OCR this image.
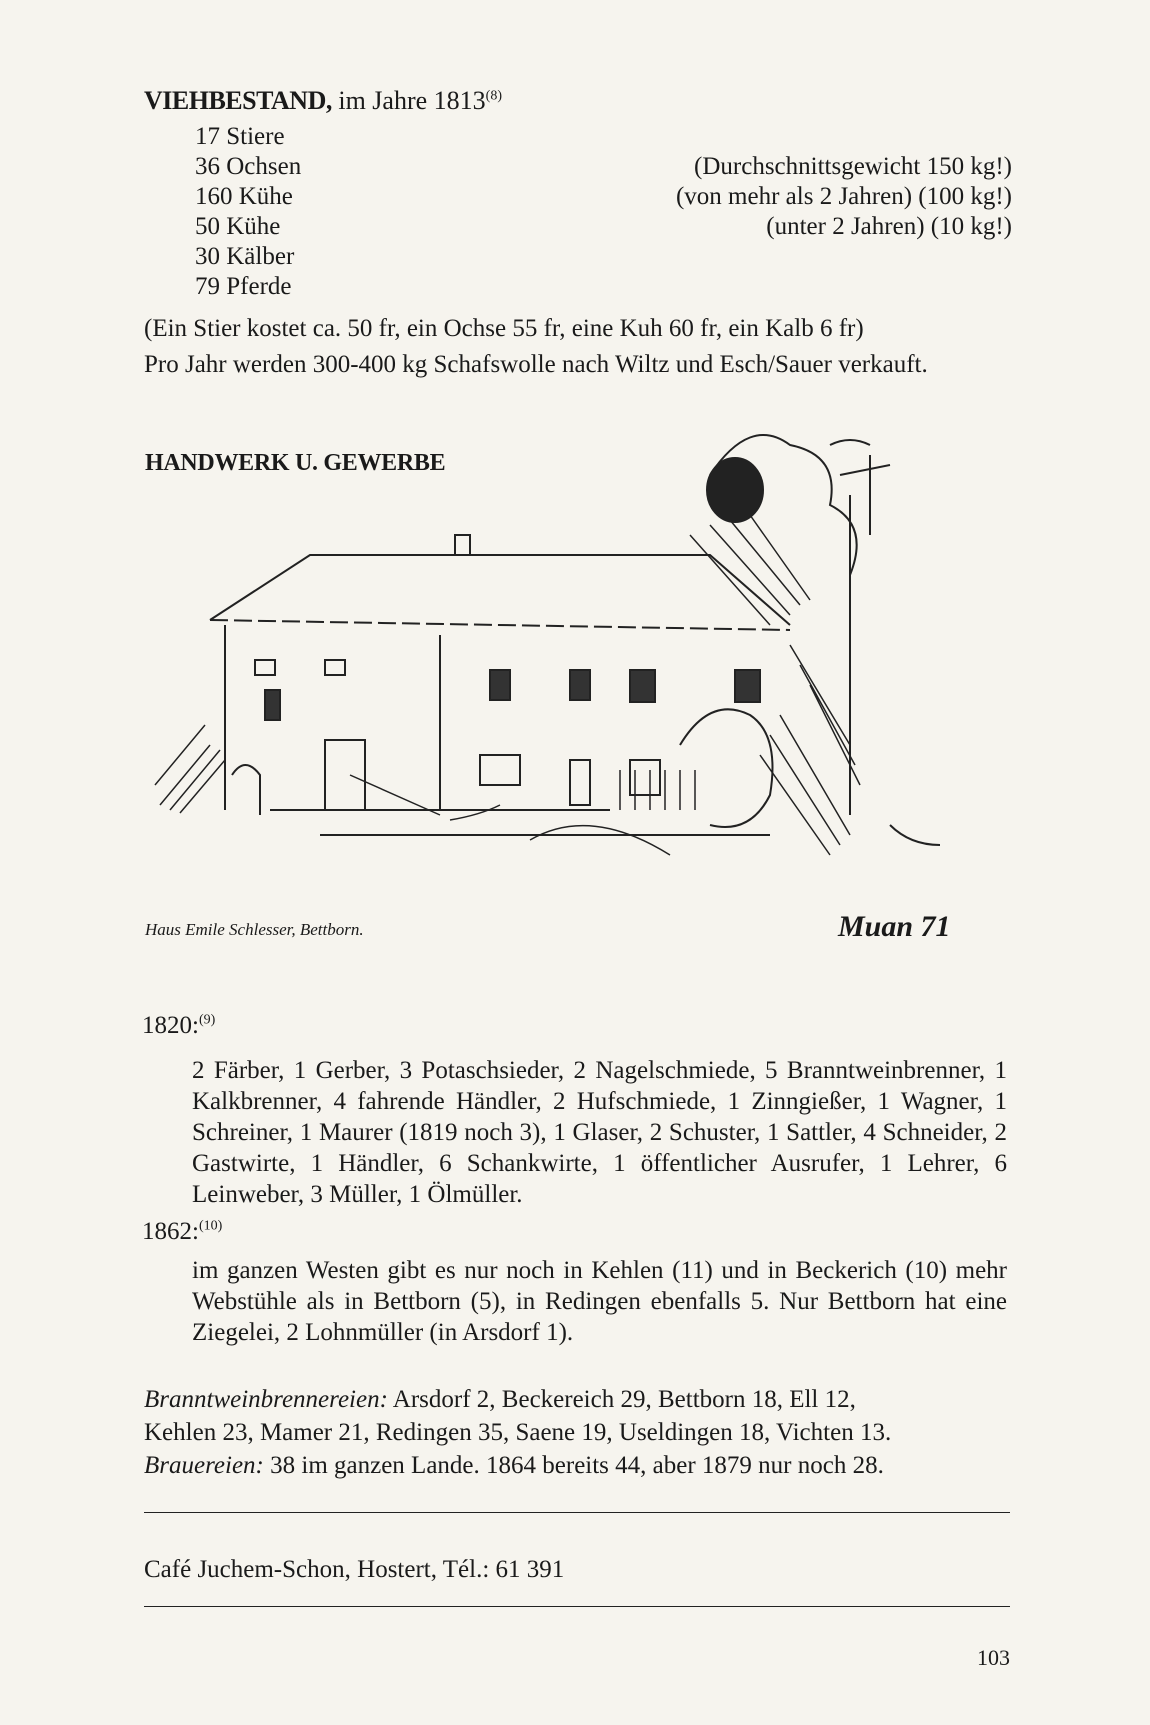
VIEHBESTAND, im Jahre 1813$^{(8)}$
17 Stiere
36 Ochsen
160 Kühe
50 Kühe
30 Kälber
79 Pferde
(Durchschnittsgewicht 150 kg!)
(von mehr als 2 Jahren) (100 kg!)
(unter 2 Jahren) (10 kg!)
(Ein Stier kostet ca. 50 fr, ein Ochse 55 fr, eine Kuh 60 fr, ein Kalb 6 fr)
Pro Jahr werden 300-400 kg Schafswolle nach Wiltz und Esch/Sauer verkauft.
HANDWERK U. GEWERBE
Haus Emile Schlesser, Bettborn.	Muan 71
1820:$^{(9)}$
2 Färber, 1 Gerber, 3 Potaschsieder, 2 Nagelschmiede, 5 Branntweinbrenner, 1 Kalkbrenner, 4 fahrende Händler, 2 Hufschmiede, 1 Zinngießer, 1 Wagner, 1 Schreiner, 1 Maurer (1819 noch 3), 1 Glaser, 2 Schuster, 1 Sattler, 4 Schneider, 2 Gastwirte, 1 Händler, 6 Schankwirte, 1 öffentlicher Ausrufer, 1 Lehrer, 6 Leinweber, 3 Müller, 1 Ölmüller.
1862:$^{(10)}$
im ganzen Westen gibt es nur noch in Kehlen (11) und in Beckerich (10) mehr Webstühle als in Bettborn (5), in Redingen ebenfalls 5. Nur Bettborn hat eine Ziegelei, 2 Lohnmüller (in Arsdorf 1).
Branntweinbrennereien: Arsdorf 2, Beckereich 29, Bettborn 18, Ell 12,
Kehlen 23, Mamer 21, Redingen 35, Saene 19, Useldingen 18, Vichten 13.
Brauereien: 38 im ganzen Lande. 1864 bereits 44, aber 1879 nur noch 28.
Café Juchem-Schon, Hostert, Tél.: 61 391
103
